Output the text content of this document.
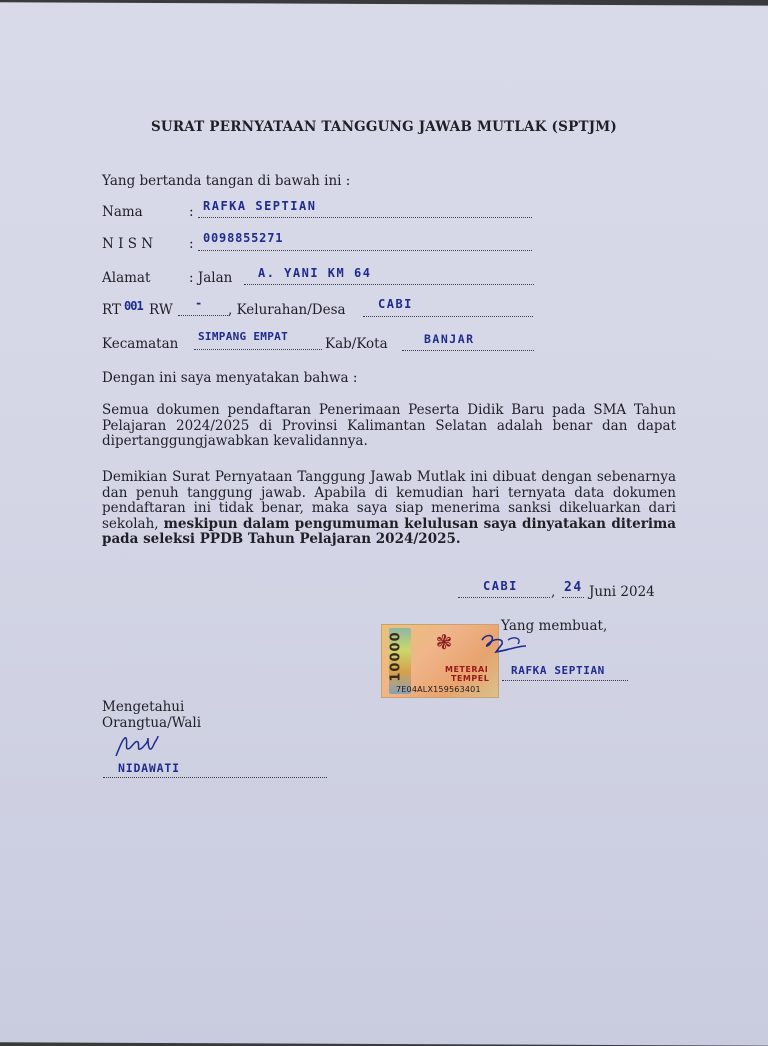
SURAT PERNYATAAN TANGGUNG JAWAB MUTLAK (SPTJM)
Yang bertanda tangan di bawah ini :
Nama	: RAFKA SEPTIAN
N I S N	: 0098855271
Alamat	: Jalan A. YANI KM 64
RT 001 RW - , Kelurahan/Desa	CABI
Kecamatan SIMPANG EMPAT	Kab/Kota	BANJAR
Dengan ini saya menyatakan bahwa :
Semua dokumen pendaftaran Penerimaan Peserta Didik Baru pada SMA Tahun Pelajaran 2024/2025 di Provinsi Kalimantan Selatan adalah benar dan dapat dipertanggungjawabkan kevalidannya.
Demikian Surat Pernyataan Tanggung Jawab Mutlak ini dibuat dengan sebenarnya dan penuh tanggung jawab. Apabila di kemudian hari ternyata data dokumen pendaftaran ini tidak benar, maka saya siap menerima sanksi dikeluarkan dari sekolah, meskipun dalam pengumuman kelulusan saya dinyatakan diterima pada seleksi PPDB Tahun Pelajaran 2024/2025.
CABI , 24 Juni 2024
Yang membuat,
10000 ❃
METERAI
TEMPEL
7E04ALX159563401
RAFKA SEPTIAN
Mengetahui
Orangtua/Wali
NIDAWATI
